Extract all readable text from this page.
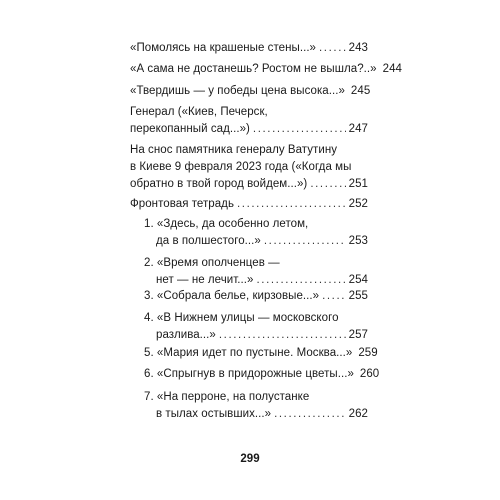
«Помолясь на крашеные стены...» .....	243
«А сама не достанешь? Ростом не вышла?..» 244
«Твердишь — у победы цена высока...» 245
Генерал («Киев, Печерск,
перекопанный сад...») .....	247
На снос памятника генералу Ватутину
в Киеве 9 февраля 2023 года («Когда мы
обратно в твой город войдем...») .....	251
Фронтовая тетрадь .....	252
1. «Здесь, да особенно летом,
да в полшестого...» .....	253
2. «Время ополченцев —
нет — не лечит...» .....	254
3. «Собрала белье, кирзовые...» .....	255
4. «В Нижнем улицы — московского
разлива...» .....	257
5. «Мария идет по пустыне. Москва...» 259
6. «Спрыгнув в придорожные цветы...» 260
7. «На перроне, на полустанке
в тылах остывших...» .....	262
299
